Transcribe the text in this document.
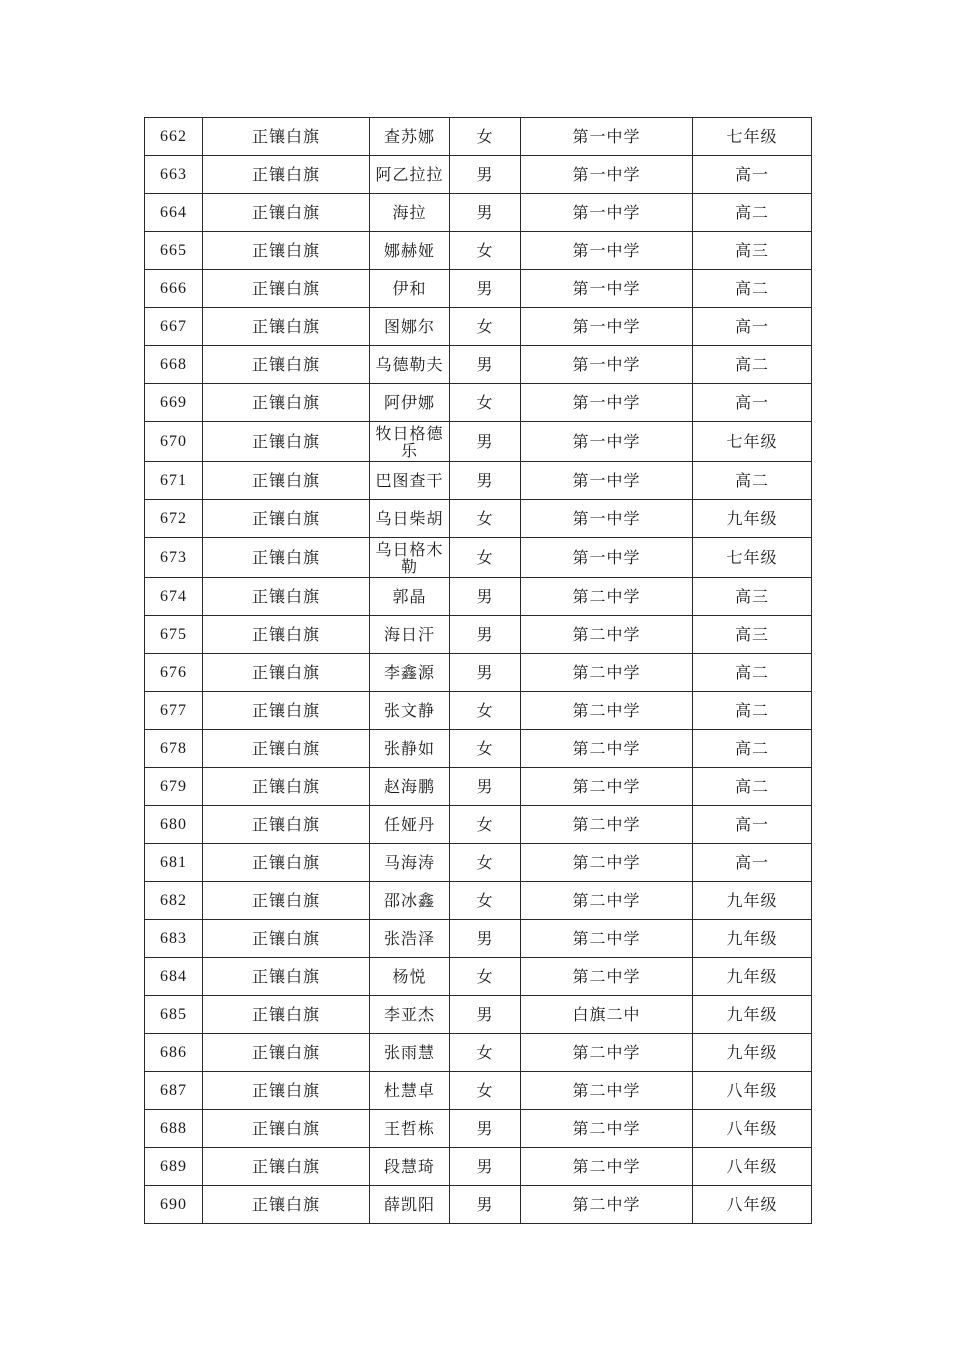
662	正镶白旗	查苏娜	女	第一中学	七年级
663	正镶白旗	阿乙拉拉	男	第一中学	高一
664	正镶白旗	海拉	男	第一中学	高二
665	正镶白旗	娜赫娅	女	第一中学	高三
666	正镶白旗	伊和	男	第一中学	高二
667	正镶白旗	图娜尔	女	第一中学	高一
668	正镶白旗	乌德勒夫	男	第一中学	高二
669	正镶白旗	阿伊娜	女	第一中学	高一
670	正镶白旗	牧日格德乐	男	第一中学	七年级
671	正镶白旗	巴图查干	男	第一中学	高二
672	正镶白旗	乌日柴胡	女	第一中学	九年级
673	正镶白旗	乌日格木勒	女	第一中学	七年级
674	正镶白旗	郭晶	男	第二中学	高三
675	正镶白旗	海日汗	男	第二中学	高三
676	正镶白旗	李鑫源	男	第二中学	高二
677	正镶白旗	张文静	女	第二中学	高二
678	正镶白旗	张静如	女	第二中学	高二
679	正镶白旗	赵海鹏	男	第二中学	高二
680	正镶白旗	任娅丹	女	第二中学	高一
681	正镶白旗	马海涛	女	第二中学	高一
682	正镶白旗	邵冰鑫	女	第二中学	九年级
683	正镶白旗	张浩泽	男	第二中学	九年级
684	正镶白旗	杨悦	女	第二中学	九年级
685	正镶白旗	李亚杰	男	白旗二中	九年级
686	正镶白旗	张雨慧	女	第二中学	九年级
687	正镶白旗	杜慧卓	女	第二中学	八年级
688	正镶白旗	王哲栋	男	第二中学	八年级
689	正镶白旗	段慧琦	男	第二中学	八年级
690	正镶白旗	薛凯阳	男	第二中学	八年级
